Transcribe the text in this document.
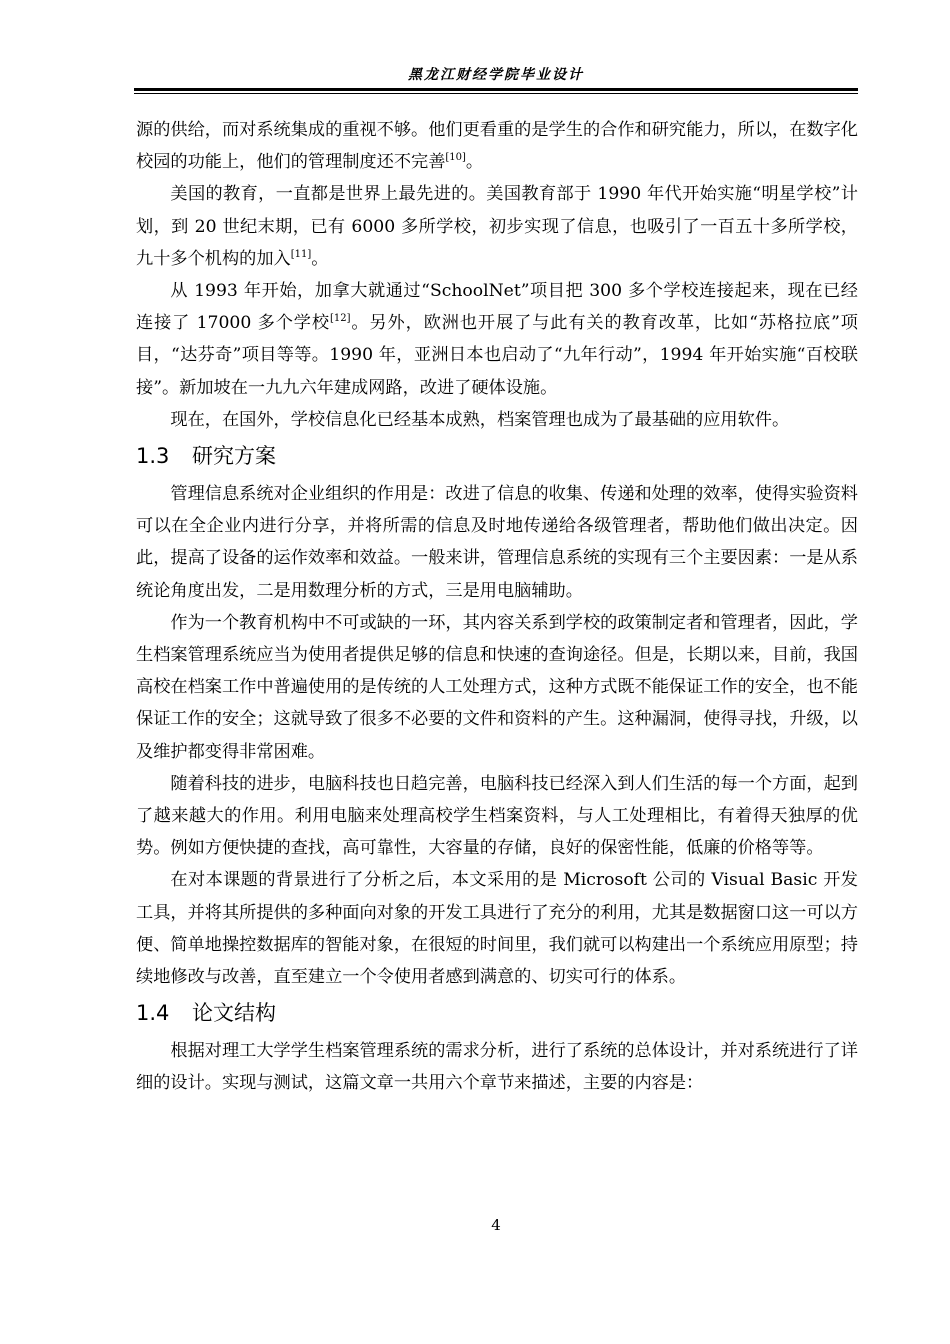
黑龙江财经学院毕业设计

源的供给，而对系统集成的重视不够。他们更看重的是学生的合作和研究能力，所以，在数字化校园的功能上，他们的管理制度还不完善[10]。

美国的教育，一直都是世界上最先进的。美国教育部于 1990 年代开始实施“明星学校”计划，到 20 世纪末期，已有 6000 多所学校，初步实现了信息，也吸引了一百五十多所学校，九十多个机构的加入[11]。

从 1993 年开始，加拿大就通过“SchoolNet”项目把 300 多个学校连接起来，现在已经连接了 17000 多个学校[12]。另外，欧洲也开展了与此有关的教育改革，比如“苏格拉底”项目，“达芬奇”项目等等。1990 年，亚洲日本也启动了“九年行动”，1994 年开始实施“百校联接”。新加坡在一九九六年建成网路，改进了硬体设施。

现在，在国外，学校信息化已经基本成熟，档案管理也成为了最基础的应用软件。

1.3 研究方案

管理信息系统对企业组织的作用是：改进了信息的收集、传递和处理的效率，使得实验资料可以在全企业内进行分享，并将所需的信息及时地传递给各级管理者，帮助他们做出决定。因此，提高了设备的运作效率和效益。一般来讲，管理信息系统的实现有三个主要因素：一是从系统论角度出发，二是用数理分析的方式，三是用电脑辅助。

作为一个教育机构中不可或缺的一环，其内容关系到学校的政策制定者和管理者，因此，学生档案管理系统应当为使用者提供足够的信息和快速的查询途径。但是，长期以来，目前，我国高校在档案工作中普遍使用的是传统的人工处理方式，这种方式既不能保证工作的安全，也不能保证工作的安全；这就导致了很多不必要的文件和资料的产生。这种漏洞，使得寻找，升级，以及维护都变得非常困难。

随着科技的进步，电脑科技也日趋完善，电脑科技已经深入到人们生活的每一个方面，起到了越来越大的作用。利用电脑来处理高校学生档案资料，与人工处理相比，有着得天独厚的优势。例如方便快捷的查找，高可靠性，大容量的存储，良好的保密性能，低廉的价格等等。

在对本课题的背景进行了分析之后，本文采用的是 Microsoft 公司的 Visual Basic 开发工具，并将其所提供的多种面向对象的开发工具进行了充分的利用，尤其是数据窗口这一可以方便、简单地操控数据库的智能对象，在很短的时间里，我们就可以构建出一个系统应用原型；持续地修改与改善，直至建立一个令使用者感到满意的、切实可行的体系。

1.4 论文结构

根据对理工大学学生档案管理系统的需求分析，进行了系统的总体设计，并对系统进行了详细的设计。实现与测试，这篇文章一共用六个章节来描述，主要的内容是：

4
